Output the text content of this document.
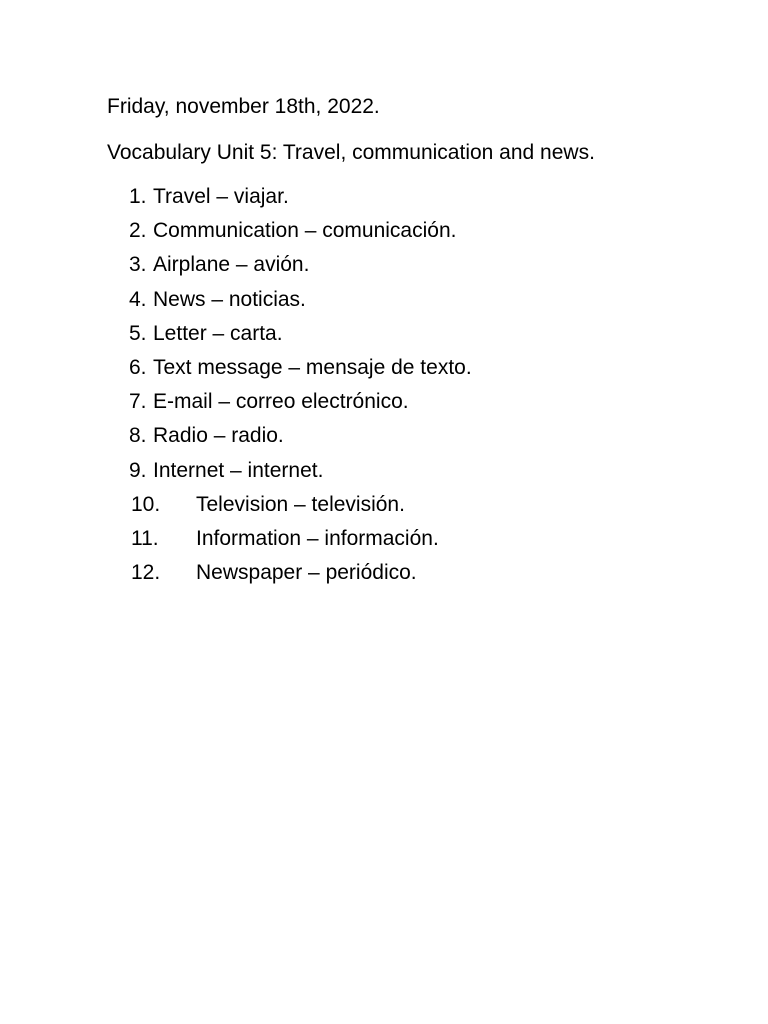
Friday, november 18th, 2022.
Vocabulary Unit 5: Travel, communication and news.
1. Travel – viajar.
2. Communication – comunicación.
3. Airplane – avión.
4. News – noticias.
5. Letter – carta.
6. Text message – mensaje de texto.
7. E-mail – correo electrónico.
8. Radio – radio.
9. Internet – internet.
10. Television – televisión.
11. Information – información.
12. Newspaper – periódico.
